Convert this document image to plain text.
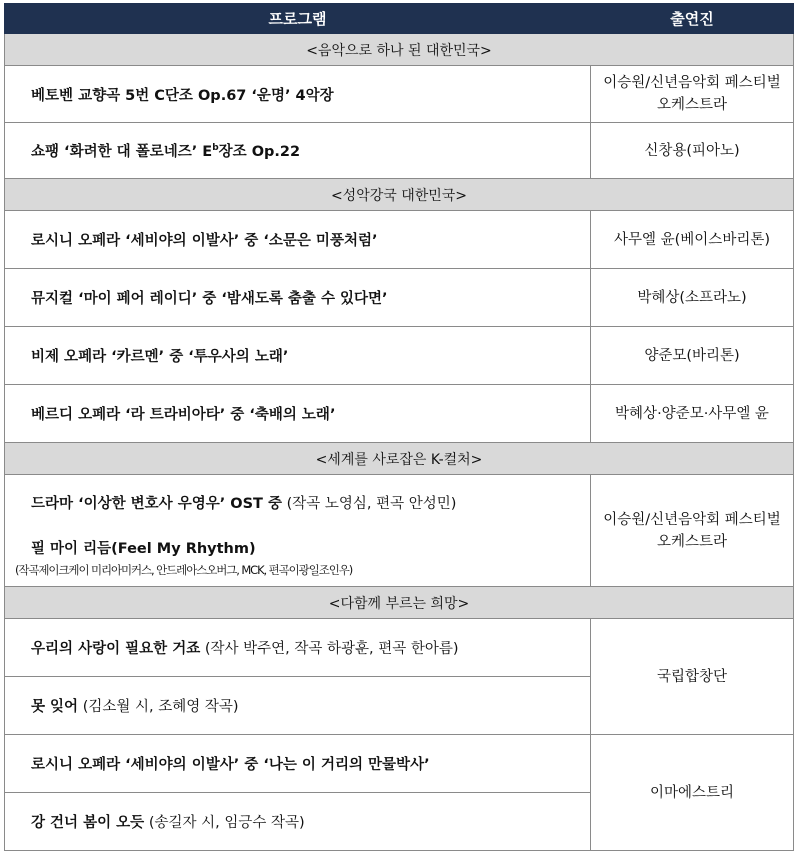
프로그램	출연진
<음악으로 하나 된 대한민국>	
베토벤 교향곡 5번 C단조 Op.67 ‘운명’ 4악장	이승원/신년음악회 페스티벌
오케스트라
쇼팽 ‘화려한 대 폴로네즈’ $E^b$장조 Op.22	신창용(피아노)
<성악강국 대한민국>	
로시니 오페라 ‘세비야의 이발사’ 중 ‘소문은 미풍처럼’	사무엘 윤(베이스바리톤)
뮤지컬 ‘마이 페어 레이디’ 중 ‘밤새도록 춤출 수 있다면’	박혜상(소프라노)
비제 오페라 ‘카르멘’ 중 ‘투우사의 노래’	양준모(바리톤)
베르디 오페라 ‘라 트라비아타’ 중 ‘축배의 노래’	박혜상·양준모·사무엘 윤
<세계를 사로잡은 K-컬처>	
드라마 ‘이상한 변호사 우영우’ OST 중 (작곡 노영심, 편곡 안성민)	이승원/신년음악회 페스티벌
오케스트라
필 마이 리듬(Feel My Rhythm)
(작곡제이크케이 미리아미커스, 안드레아스오버그, MCK, 편곡이광일조인우)	

<다함께 부르는 희망>	
우리의 사랑이 필요한 거죠 (작사 박주연, 작곡 하광훈, 편곡 한아름)	국립합창단
못 잊어 (김소월 시, 조혜영 작곡)	
로시니 오페라 ‘세비야의 이발사’ 중 ‘나는 이 거리의 만물박사’	이마에스트리
강 건너 봄이 오듯 (송길자 시, 임긍수 작곡)	
